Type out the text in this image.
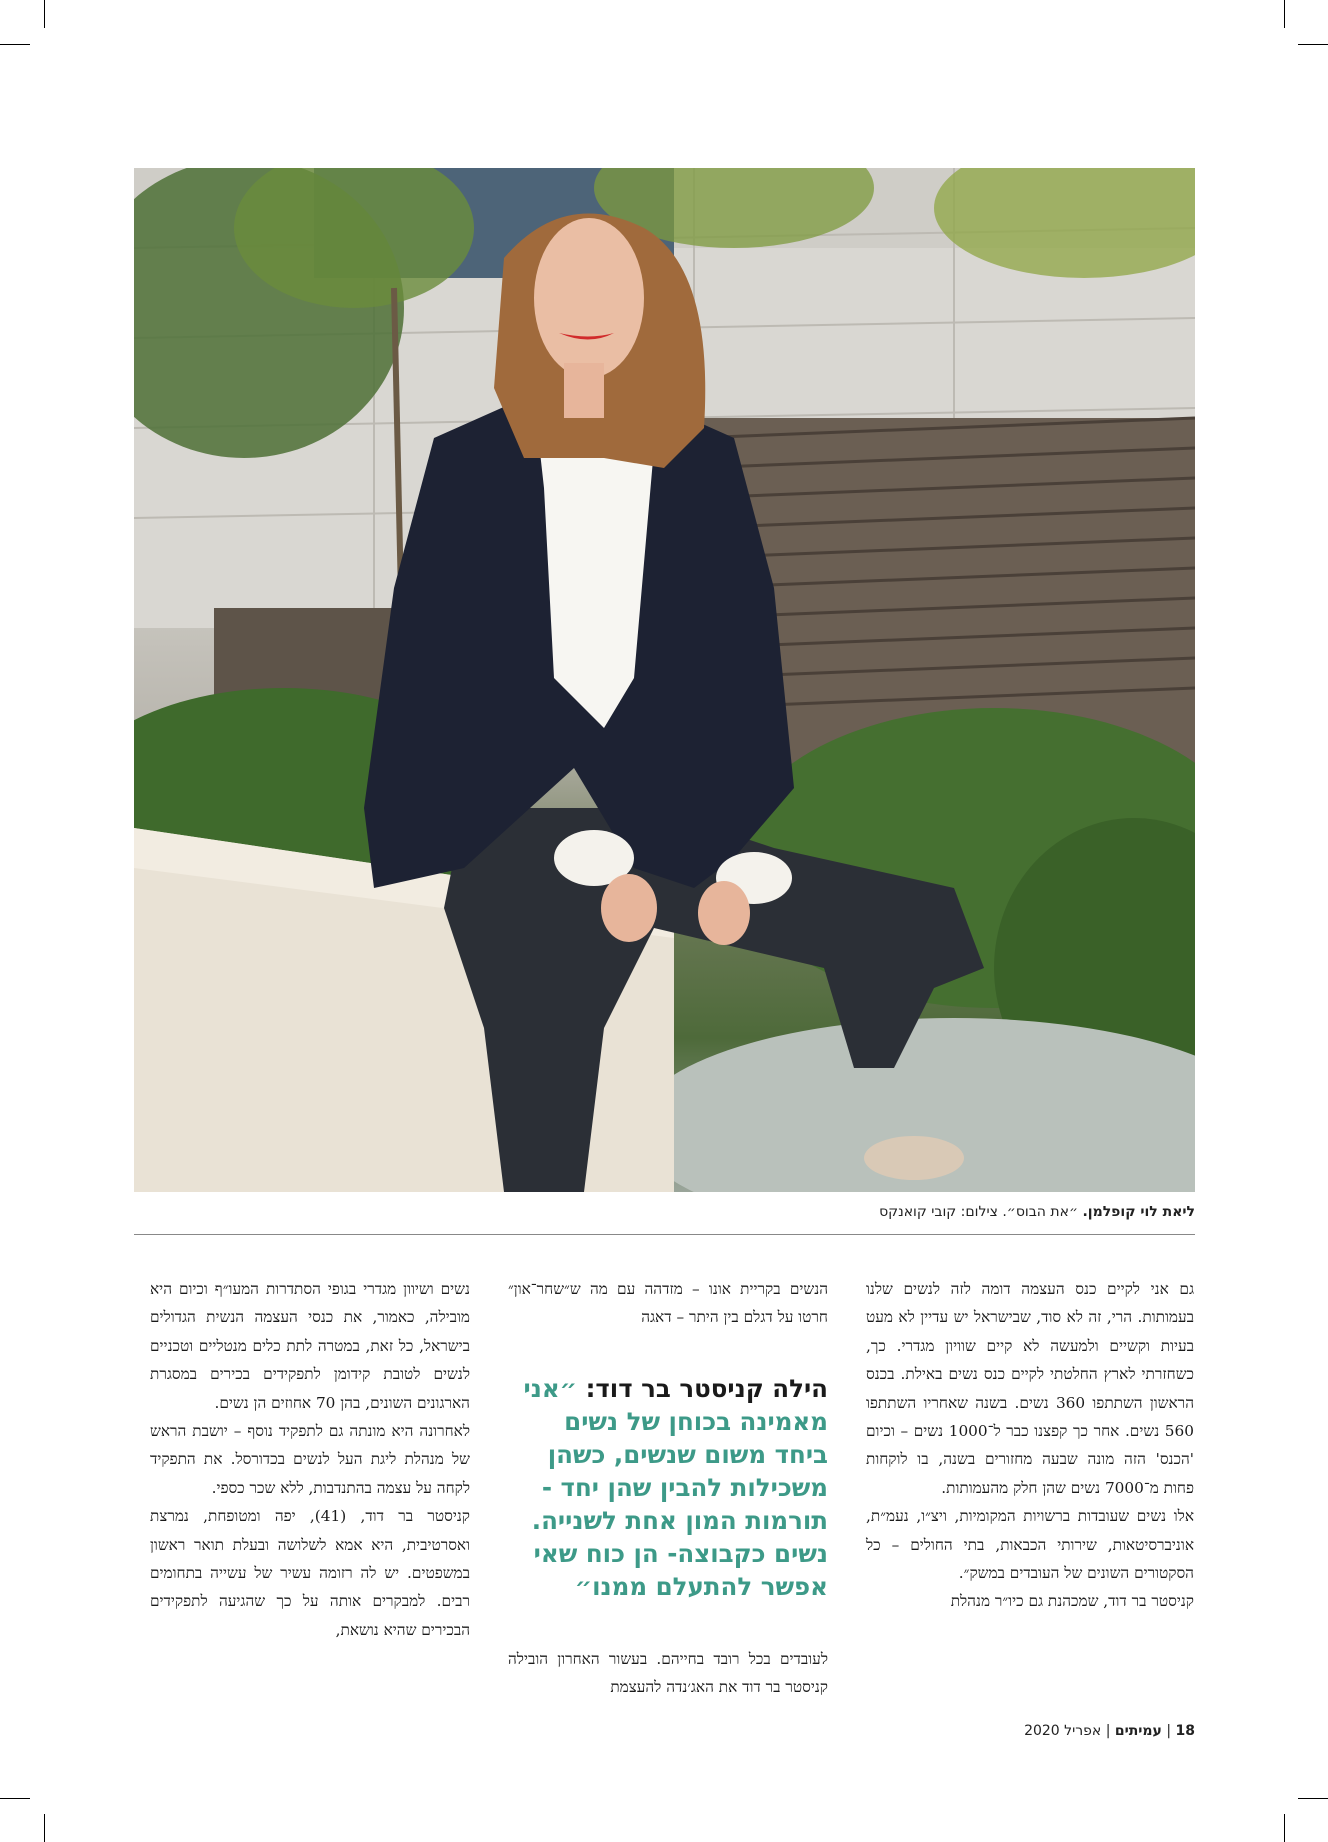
ליאת לוי קופלמן. ״את הבוס״. צילום: קובי קואנקס

גם אני לקיים כנס העצמה דומה לזה לנשים שלנו בעמותות. הרי, זה לא סוד, שבישראל יש עדיין לא מעט בעיות וקשיים ולמעשה לא קיים שוויון מגדרי. כך, כשחזרתי לארץ החלטתי לקיים כנס נשים באילת. בכנס הראשון השתתפו 360 נשים. בשנה שאחריו השתתפו 560 נשים. אחר כך קפצנו כבר ל־1000 נשים – וכיום 'הכנס' הזה מונה שבעה מחזורים בשנה, בו לוקחות פחות מ־7000 נשים שהן חלק מהעמותות.

אלו נשים שעובדות ברשויות המקומיות, ויצ״ו, נעמ״ת, אוניברסיטאות, שירותי הכבאות, בתי החולים – כל הסקטורים השונים של העובדים במשק״.

קניסטר בר דוד, שמכהנת גם כיו״ר מנהלת

הנשים בקריית אונו – מזדהה עם מה ש״שחר־און״ חרטו על דגלם בין היתר – דאגה

הילה קניסטר בר דוד: ״אני מאמינה בכוחן של נשים ביחד משום שנשים, כשהן משכילות להבין שהן יחד - תורמות המון אחת לשנייה. נשים כקבוצה- הן כוח שאי אפשר להתעלם ממנו״

לעובדים בכל רובד בחייהם. בעשור האחרון הובילה קניסטר בר דוד את האג׳נדה להעצמת

נשים ושיוון מגדרי בגופי הסתדרות המעו״ף וכיום היא מובילה, כאמור, את כנסי העצמה הנשית הגדולים בישראל, כל זאת, במטרה לתת כלים מנטליים וטכניים לנשים לטובת קידומן לתפקידים בכירים במסגרת הארגונים השונים, בהן 70 אחוזים הן נשים.

לאחרונה היא מונתה גם לתפקיד נוסף – יושבת הראש של מנהלת ליגת העל לנשים בכדורסל. את התפקיד לקחה על עצמה בהתנדבות, ללא שכר כספי.

קניסטר בר דוד, (41), יפה ומטופחת, נמרצת ואסרטיבית, היא אמא לשלושה ובעלת תואר ראשון במשפטים. יש לה רזומה עשיר של עשייה בתחומים רבים. למבקרים אותה על כך שהגיעה לתפקידים הבכירים שהיא נושאת,

18 | עמיתים | אפריל 2020
